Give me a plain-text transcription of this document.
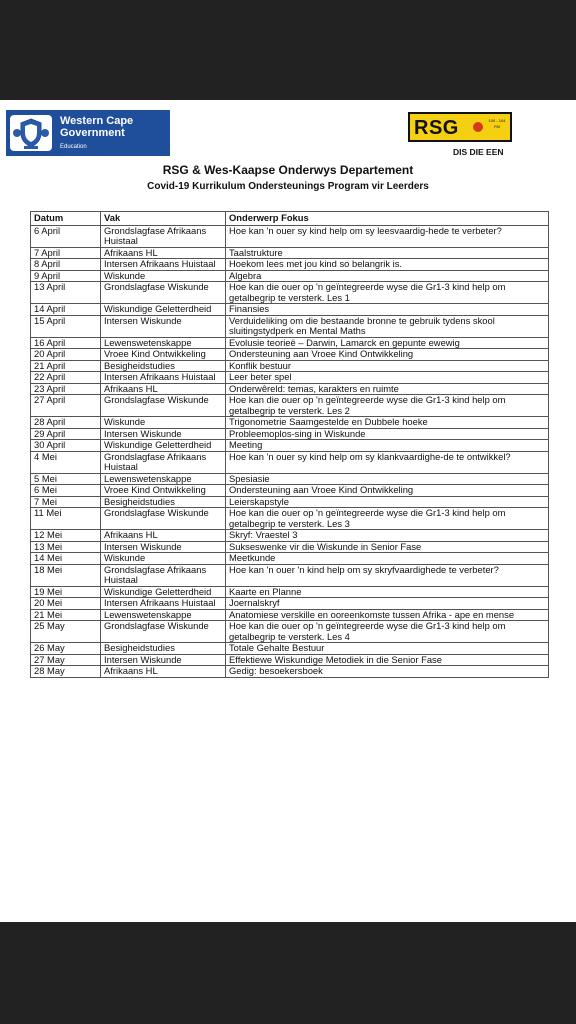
Western Cape
Government
Education
RSG	100 - 104 FM
DIS DIE EEN
RSG & Wes-Kaapse Onderwys Departement
Covid-19 Kurrikulum Ondersteunings Program vir Leerders
Datum	Vak	Onderwerp Fokus
6 April	Grondslagfase Afrikaans Huistaal	Hoe kan 'n ouer sy kind help om sy leesvaardig-hede te verbeter?
7 April	Afrikaans HL	Taalstrukture
8 April	Intersen Afrikaans Huistaal	Hoekom lees met jou kind so belangrik is.
9 April	Wiskunde	Algebra
13 April	Grondslagfase Wiskunde	Hoe kan die ouer op 'n geïntegreerde wyse die Gr1-3 kind help om getalbegrip te versterk. Les 1
14 April	Wiskundige Geletterdheid	Finansies
15 April	Intersen Wiskunde	Verduideliking om die bestaande bronne te gebruik tydens skool sluitingstydperk en Mental Maths
16 April	Lewenswetenskappe	Evolusie teorieë – Darwin, Lamarck en gepunte ewewig
20 April	Vroee Kind Ontwikkeling	Ondersteuning aan Vroee Kind Ontwikkeling
21 April	Besigheidstudies	Konflik bestuur
22 April	Intersen Afrikaans Huistaal	Leer beter spel
23 April	Afrikaans HL	Onderwêreld: temas, karakters en ruimte
27 April	Grondslagfase Wiskunde	Hoe kan die ouer op 'n geïntegreerde wyse die Gr1-3 kind help om getalbegrip te versterk. Les 2
28 April	Wiskunde	Trigonometrie Saamgestelde en Dubbele hoeke
29 April	Intersen Wiskunde	Probleemoplos-sing in Wiskunde
30 April	Wiskundige Geletterdheid	Meeting
4 Mei	Grondslagfase Afrikaans Huistaal	Hoe kan 'n ouer sy kind help om sy klankvaardighe-de te ontwikkel?
5 Mei	Lewenswetenskappe	Spesiasie
6 Mei	Vroee Kind Ontwikkeling	Ondersteuning aan Vroee Kind Ontwikkeling
7 Mei	Besigheidstudies	Leierskapstyle
11 Mei	Grondslagfase Wiskunde	Hoe kan die ouer op 'n geïntegreerde wyse die Gr1-3 kind help om getalbegrip te versterk. Les 3
12 Mei	Afrikaans HL	Skryf: Vraestel 3
13 Mei	Intersen Wiskunde	Sukseswenke vir die Wiskunde in Senior Fase
14 Mei	Wiskunde	Meetkunde
18 Mei	Grondslagfase Afrikaans Huistaal	Hoe kan 'n ouer 'n kind help om sy skryfvaardighede te verbeter?
19 Mei	Wiskundige Geletterdheid	Kaarte en Planne
20 Mei	Intersen Afrikaans Huistaal	Joernalskryf
21 Mei	Lewenswetenskappe	Anatomiese verskille en ooreenkomste tussen Afrika - ape en mense
25 May	Grondslagfase Wiskunde	Hoe kan die ouer op 'n geïntegreerde wyse die Gr1-3 kind help om getalbegrip te versterk. Les 4
26 May	Besigheidstudies	Totale Gehalte Bestuur
27 May	Intersen Wiskunde	Effektiewe Wiskundige Metodiek in die Senior Fase
28 May	Afrikaans HL	Gedig: besoekersboek
